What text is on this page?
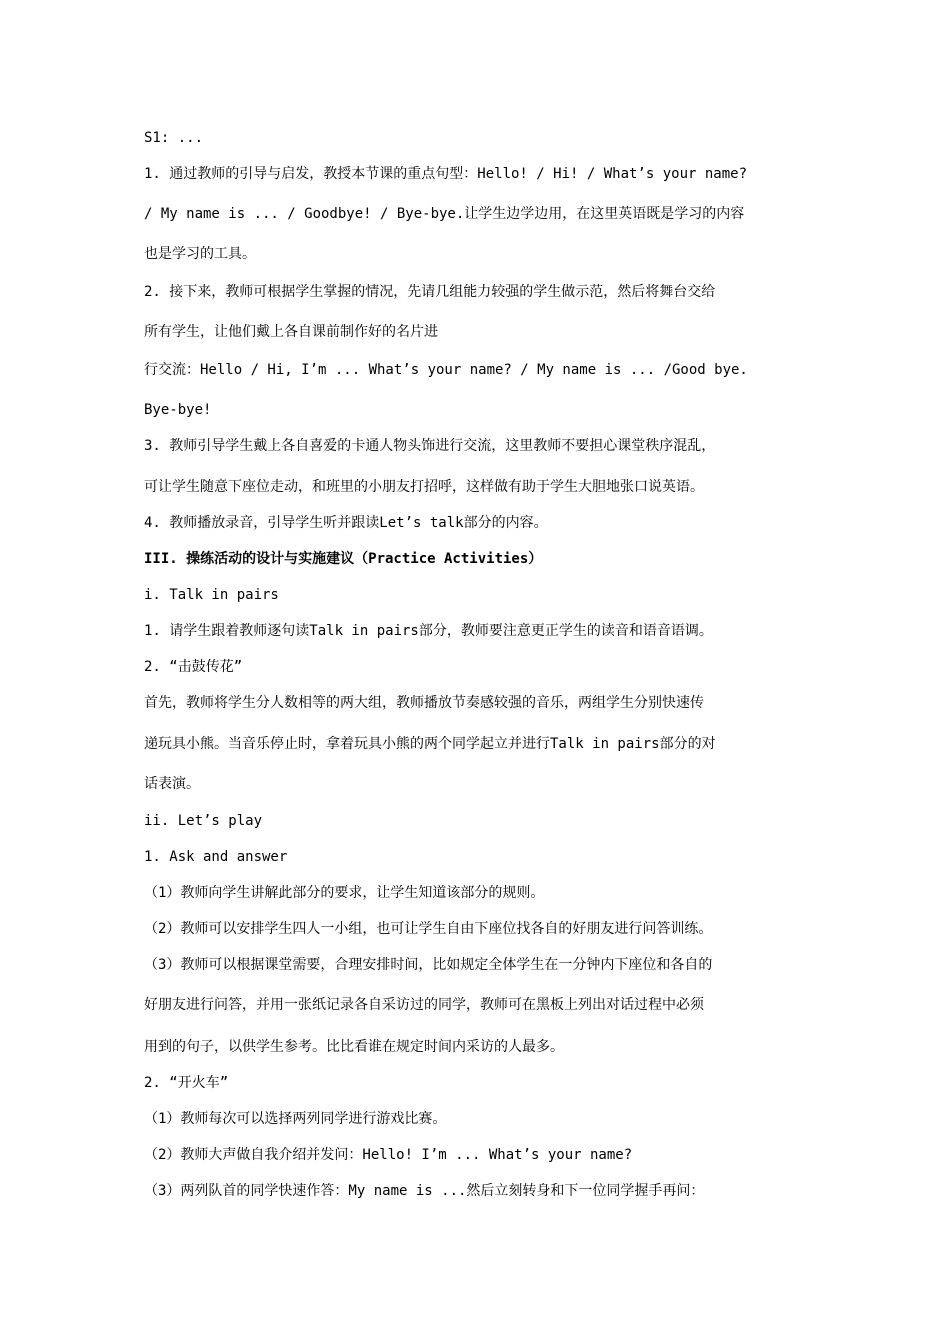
S1: ...
1. 通过教师的引导与启发，教授本节课的重点句型：Hello! / Hi! / What’s your name?
/ My name is ... / Goodbye! / Bye-bye.让学生边学边用，在这里英语既是学习的内容
也是学习的工具。
2. 接下来，教师可根据学生掌握的情况，先请几组能力较强的学生做示范，然后将舞台交给
所有学生，让他们戴上各自课前制作好的名片进
行交流：Hello / Hi, I’m ... What’s your name? / My name is ... /Good bye.
Bye-bye!
3. 教师引导学生戴上各自喜爱的卡通人物头饰进行交流，这里教师不要担心课堂秩序混乱，
可让学生随意下座位走动，和班里的小朋友打招呼，这样做有助于学生大胆地张口说英语。
4. 教师播放录音，引导学生听并跟读Let’s talk部分的内容。
III. 操练活动的设计与实施建议（Practice Activities）
i. Talk in pairs
1. 请学生跟着教师逐句读Talk in pairs部分，教师要注意更正学生的读音和语音语调。
2. “击鼓传花”
首先，教师将学生分人数相等的两大组，教师播放节奏感较强的音乐，两组学生分别快速传
递玩具小熊。当音乐停止时，拿着玩具小熊的两个同学起立并进行Talk in pairs部分的对
话表演。
ii. Let’s play
1. Ask and answer
（1）教师向学生讲解此部分的要求，让学生知道该部分的规则。
（2）教师可以安排学生四人一小组，也可让学生自由下座位找各自的好朋友进行问答训练。
（3）教师可以根据课堂需要，合理安排时间，比如规定全体学生在一分钟内下座位和各自的
好朋友进行问答，并用一张纸记录各自采访过的同学，教师可在黑板上列出对话过程中必须
用到的句子，以供学生参考。比比看谁在规定时间内采访的人最多。
2. “开火车”
（1）教师每次可以选择两列同学进行游戏比赛。
（2）教师大声做自我介绍并发问：Hello! I’m ... What’s your name?
（3）两列队首的同学快速作答：My name is ...然后立刻转身和下一位同学握手再问：
